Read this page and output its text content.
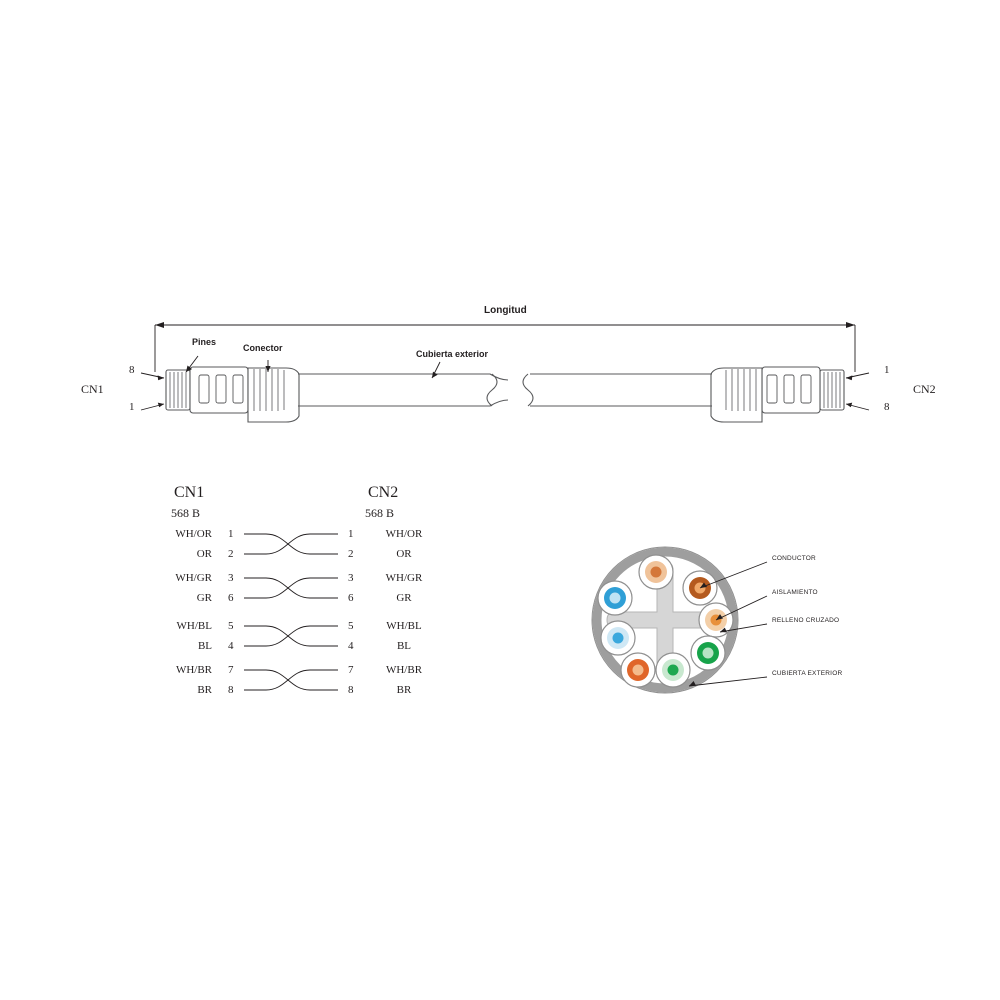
Longitud
Pines
Conector
Cubierta exterior
CN1	CN2
8
1
1
8
CN1
568 B
CN2
568 B
WH/OR 1	1	WH/OR
OR 2	2	OR
WH/GR 3	3	WH/GR
GR 6	6	GR
WH/BL 5	5	WH/BL
BL 4	4	BL
WH/BR 7	7	WH/BR
BR 8	8	BR
CONDUCTOR
AISLAMIENTO
RELLENO CRUZADO
CUBIERTA EXTERIOR
